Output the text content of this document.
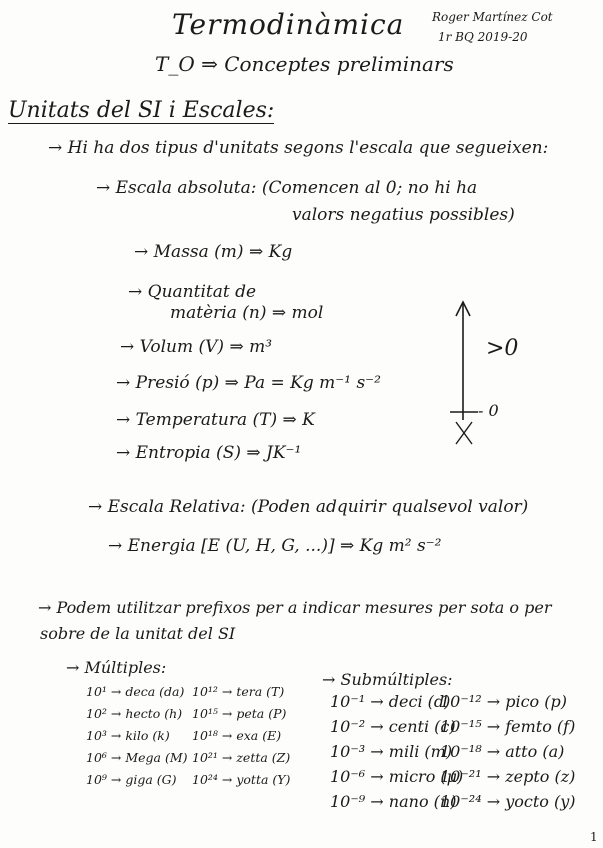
Termodinàmica
T_O ⇒ Conceptes preliminars
Roger Martínez Cot
1r BQ 2019-20
Unitats del SI i Escales:
→ Hi ha dos tipus d'unitats segons l'escala que segueixen:
→ Escala absoluta: (Comencen al 0; no hi ha
valors negatius possibles)
→ Massa (m) ⇒ Kg
→ Quantitat de
matèria (n) ⇒ mol
→ Volum (V) ⇒ m³
→ Presió (p) ⇒ Pa = Kg m⁻¹ s⁻²
→ Temperatura (T) ⇒ K
→ Entropia (S) ⇒ JK⁻¹
>0
- 0
→ Escala Relativa: (Poden adquirir qualsevol valor)
→ Energia [E (U, H, G, ...)] ⇒ Kg m² s⁻²
→ Podem utilitzar prefixos per a indicar mesures per sota o per
sobre de la unitat del SI
→ Múltiples:
→ Submúltiples:
10¹ → deca (da)
10² → hecto (h)
10³ → kilo (k)
10⁶ → Mega (M)
10⁹ → giga (G)
10¹² → tera (T)
10¹⁵ → peta (P)
10¹⁸ → exa (E)
10²¹ → zetta (Z)
10²⁴ → yotta (Y)
10⁻¹ → deci (d)
10⁻² → centi (c)
10⁻³ → mili (m)
10⁻⁶ → micro (μ)
10⁻⁹ → nano (n)
10⁻¹² → pico (p)
10⁻¹⁵ → femto (f)
10⁻¹⁸ → atto (a)
10⁻²¹ → zepto (z)
10⁻²⁴ → yocto (y)
1
